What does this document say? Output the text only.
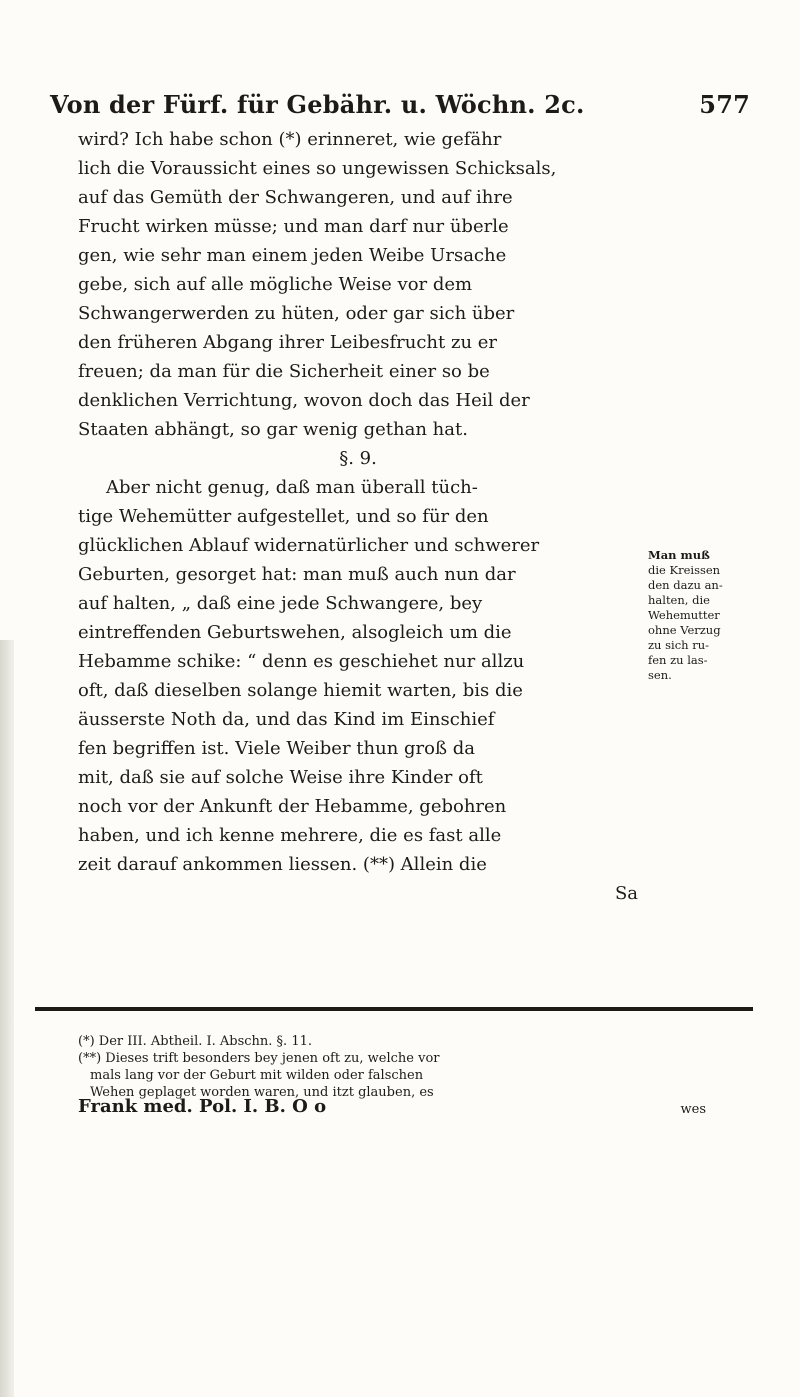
Von der Fürf. für Gebähr. u. Wöchn. 2c.	577
wird? Ich habe schon (*) erinneret, wie gefähr
lich die Voraussicht eines so ungewissen Schicksals,
auf das Gemüth der Schwangeren, und auf ihre
Frucht wirken müsse; und man darf nur überle
gen, wie sehr man einem jeden Weibe Ursache
gebe, sich auf alle mögliche Weise vor dem
Schwangerwerden zu hüten, oder gar sich über
den früheren Abgang ihrer Leibesfrucht zu er
freuen; da man für die Sicherheit einer so be
denklichen Verrichtung, wovon doch das Heil der
Staaten abhängt, so gar wenig gethan hat.
§. 9.
Aber nicht genug, daß man überall tüch-
tige Wehemütter aufgestellet, und so für den
glücklichen Ablauf widernatürlicher und schwerer
Geburten, gesorget hat: man muß auch nun dar
auf halten, „ daß eine jede Schwangere, bey
eintreffenden Geburtswehen, alsogleich um die
Hebamme schike: “ denn es geschiehet nur allzu
oft, daß dieselben solange hiemit warten, bis die
äusserste Noth da, und das Kind im Einschief
fen begriffen ist. Viele Weiber thun groß da
mit, daß sie auf solche Weise ihre Kinder oft
noch vor der Ankunft der Hebamme, gebohren
haben, und ich kenne mehrere, die es fast alle
zeit darauf ankommen liessen. (**) Allein die
Sa
Man muß
die Kreissen
den dazu an-
halten, die
Wehemutter
ohne Verzug
zu sich ru-
fen zu las-
sen.
(*) Der III. Abtheil. I. Abschn. §. 11.
(**) Dieses trift besonders bey jenen oft zu, welche vor
mals lang vor der Geburt mit wilden oder falschen
Wehen geplaget worden waren, und itzt glauben, es
wes
Frank med. Pol. I. B. O o
